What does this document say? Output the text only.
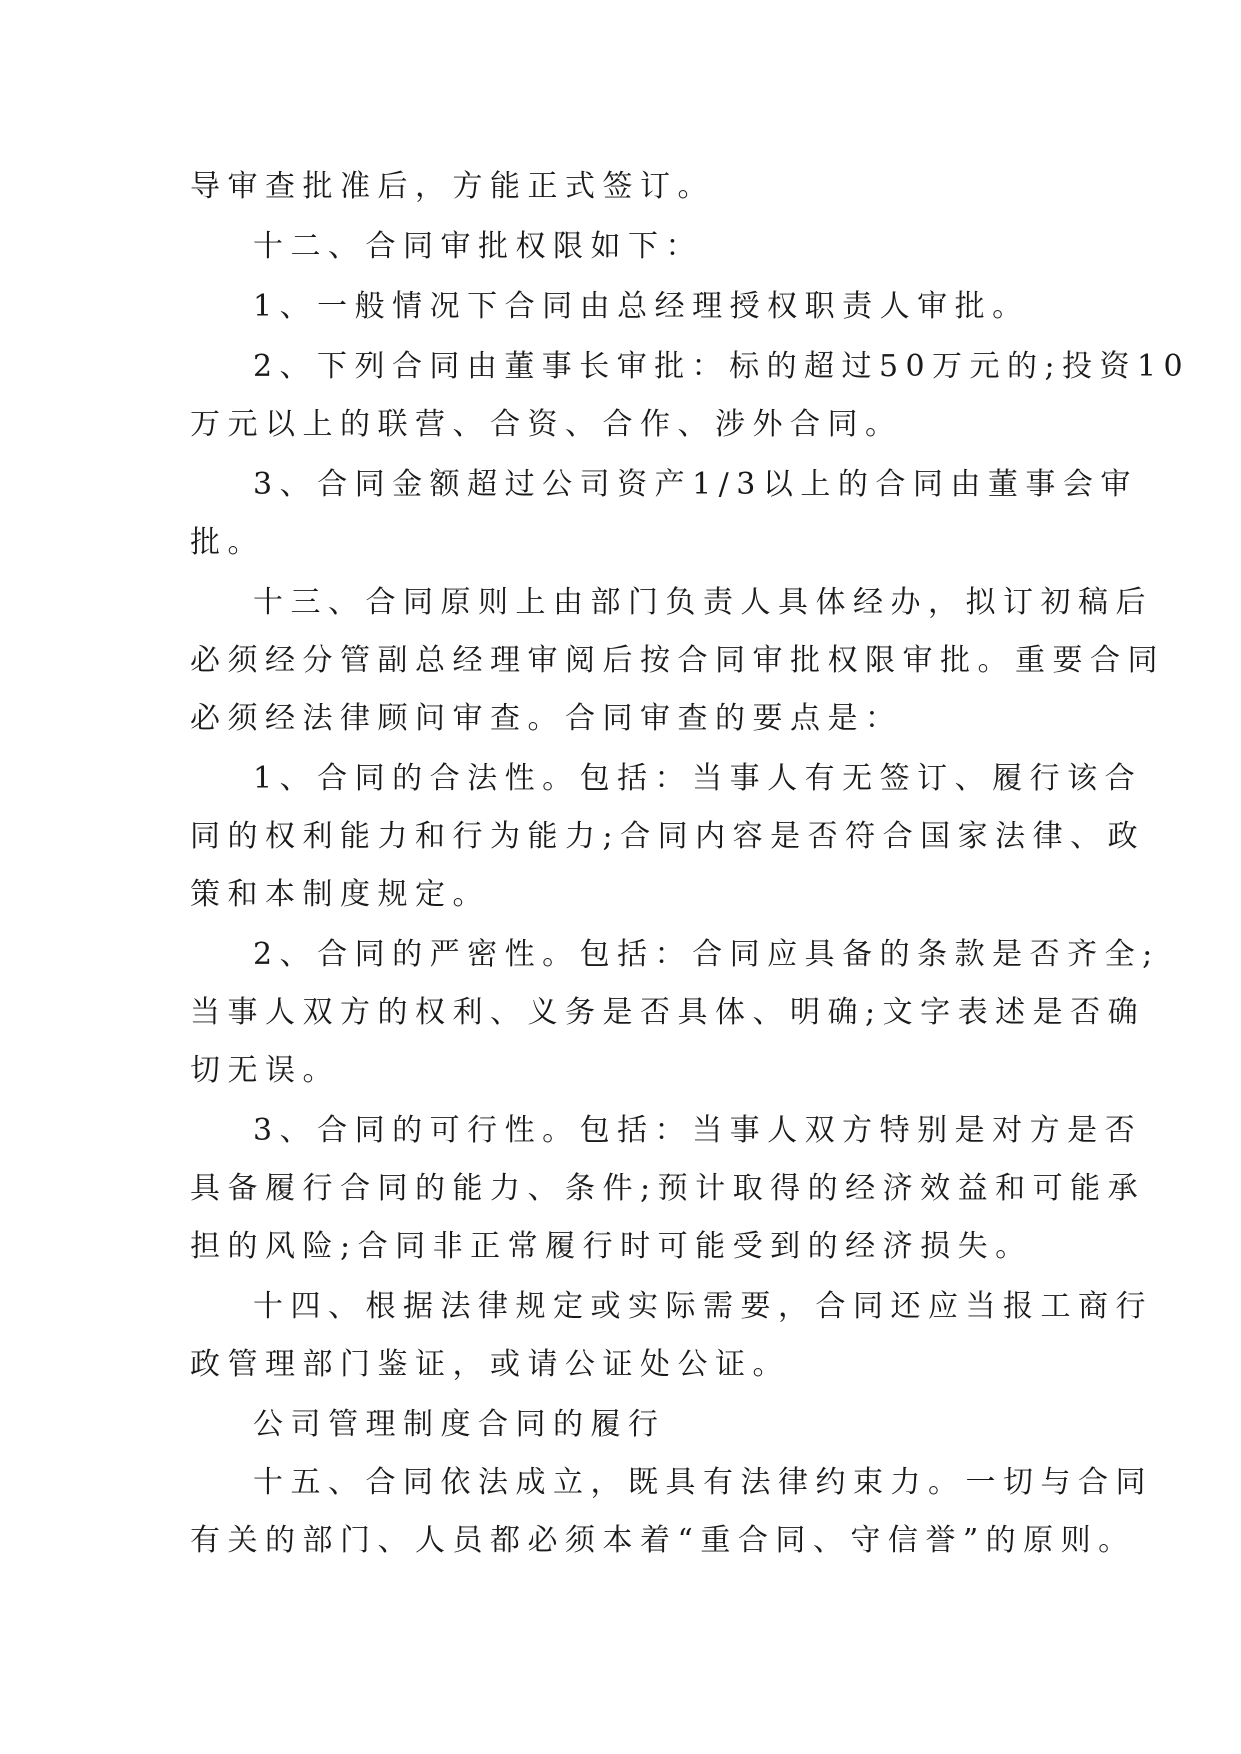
导审查批准后，方能正式签订。
十二、合同审批权限如下：
1、一般情况下合同由总经理授权职责人审批。
2、下列合同由董事长审批：标的超过50万元的;投资10
万元以上的联营、合资、合作、涉外合同。
3、合同金额超过公司资产1/3以上的合同由董事会审
批。
十三、合同原则上由部门负责人具体经办，拟订初稿后
必须经分管副总经理审阅后按合同审批权限审批。重要合同
必须经法律顾问审查。合同审查的要点是：
1、合同的合法性。包括：当事人有无签订、履行该合
同的权利能力和行为能力;合同内容是否符合国家法律、政
策和本制度规定。
2、合同的严密性。包括：合同应具备的条款是否齐全;
当事人双方的权利、义务是否具体、明确;文字表述是否确
切无误。
3、合同的可行性。包括：当事人双方特别是对方是否
具备履行合同的能力、条件;预计取得的经济效益和可能承
担的风险;合同非正常履行时可能受到的经济损失。
十四、根据法律规定或实际需要，合同还应当报工商行
政管理部门鉴证，或请公证处公证。
公司管理制度合同的履行
十五、合同依法成立，既具有法律约束力。一切与合同
有关的部门、人员都必须本着“重合同、守信誉”的原则。
